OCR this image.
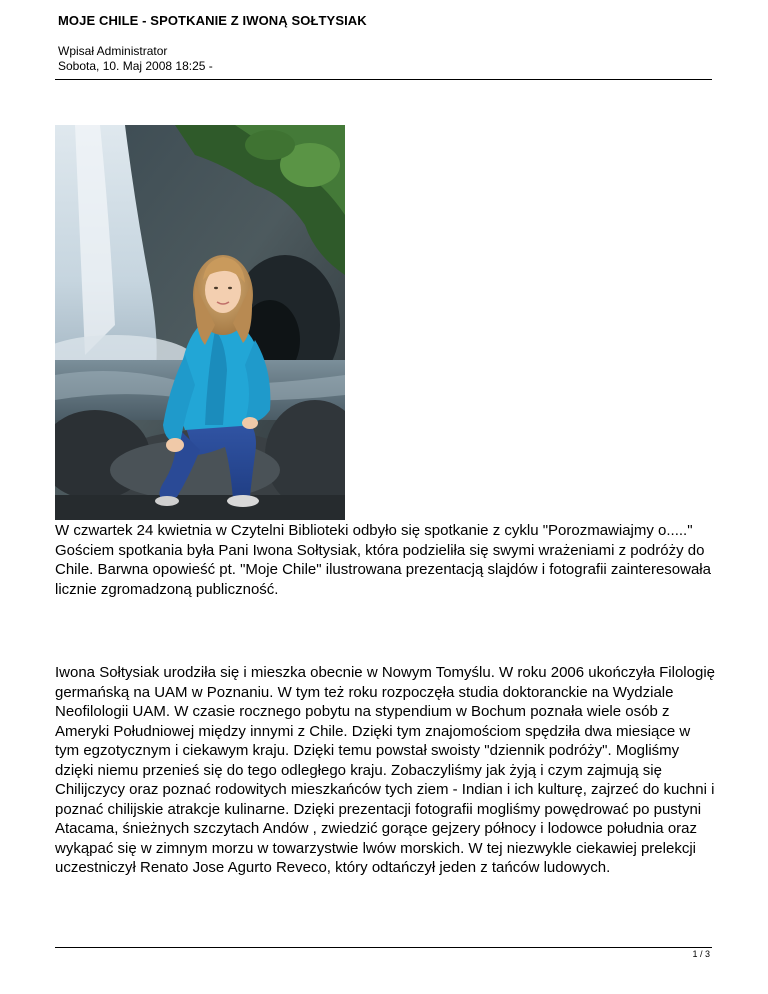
MOJE CHILE - SPOTKANIE Z IWONĄ SOŁTYSIAK
Wpisał Administrator
Sobota, 10. Maj 2008 18:25 -
W czwartek 24 kwietnia w Czytelni Biblioteki odbyło się spotkanie z cyklu "Porozmawiajmy o....." Gościem spotkania była Pani Iwona Sołtysiak, która podzieliła się swymi wrażeniami z podróży do Chile. Barwna opowieść pt. "Moje Chile" ilustrowana prezentacją slajdów i fotografii zainteresowała licznie zgromadzoną publiczność.
Iwona Sołtysiak urodziła się i mieszka obecnie w Nowym Tomyślu. W roku 2006 ukończyła Filologię germańską na UAM w Poznaniu. W tym też roku rozpoczęła studia doktoranckie na Wydziale Neofilologii UAM. W czasie rocznego pobytu na stypendium w Bochum poznała wiele osób z Ameryki Południowej między innymi z Chile. Dzięki tym znajomościom spędziła dwa miesiące w tym egzotycznym i ciekawym kraju. Dzięki temu powstał swoisty "dziennik podróży". Mogliśmy dzięki niemu przenieś się do tego odległego kraju. Zobaczyliśmy jak żyją i czym zajmują się Chilijczycy oraz poznać rodowitych mieszkańców tych ziem - Indian i ich kulturę, zajrzeć do kuchni i poznać chilijskie atrakcje kulinarne. Dzięki prezentacji fotografii mogliśmy powędrować po pustyni Atacama, śnieżnych szczytach Andów , zwiedzić gorące gejzery północy i lodowce południa oraz wykąpać się w zimnym morzu w towarzystwie lwów morskich. W tej niezwykle ciekawiej prelekcji uczestniczył Renato Jose Agurto Reveco, który odtańczył jeden z tańców ludowych.
1 / 3
